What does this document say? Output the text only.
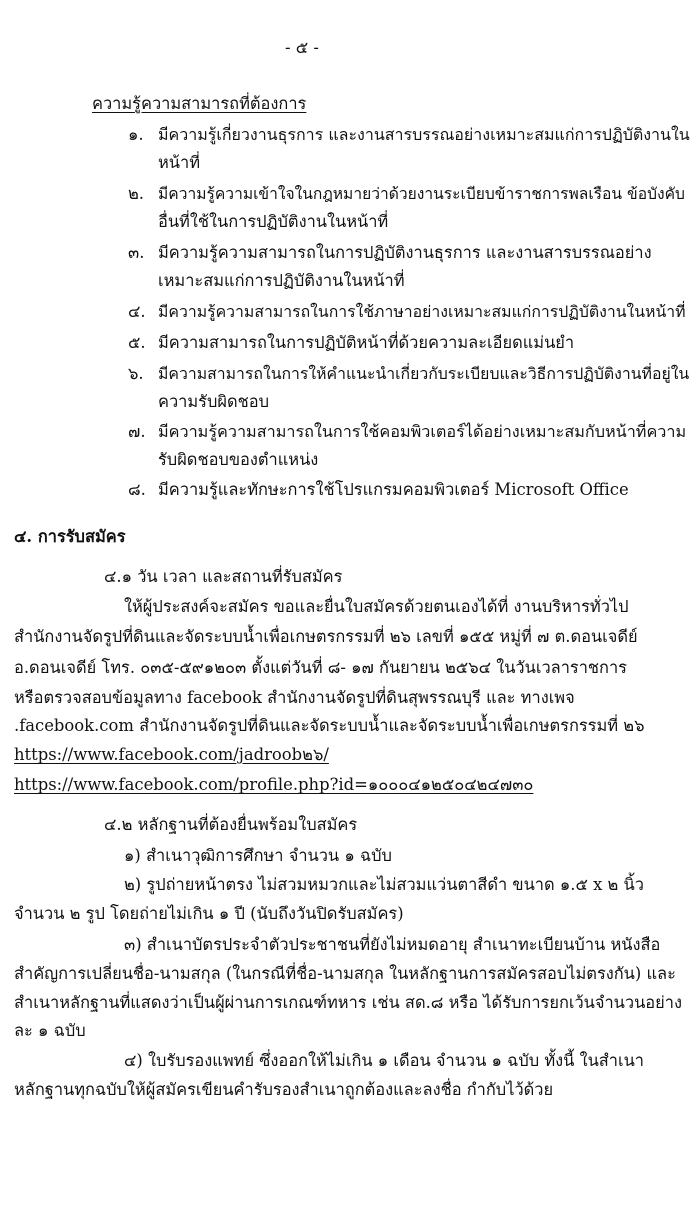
- ๕ -
ความรู้ความสามารถที่ต้องการ
๑. มีความรู้เกี่ยวงานธุรการ และงานสารบรรณอย่างเหมาะสมแก่การปฏิบัติงานใน
หน้าที่
๒. มีความรู้ความเข้าใจในกฎหมายว่าด้วยงานระเบียบข้าราชการพลเรือน ข้อบังคับ
อื่นที่ใช้ในการปฏิบัติงานในหน้าที่
๓. มีความรู้ความสามารถในการปฏิบัติงานธุรการ และงานสารบรรณอย่าง
เหมาะสมแก่การปฏิบัติงานในหน้าที่
๔. มีความรู้ความสามารถในการใช้ภาษาอย่างเหมาะสมแก่การปฏิบัติงานในหน้าที่
๕. มีความสามารถในการปฏิบัติหน้าที่ด้วยความละเอียดแม่นยำ
๖. มีความสามารถในการให้คำแนะนำเกี่ยวกับระเบียบและวิธีการปฏิบัติงานที่อยู่ใน
ความรับผิดชอบ
๗. มีความรู้ความสามารถในการใช้คอมพิวเตอร์ได้อย่างเหมาะสมกับหน้าที่ความ
รับผิดชอบของตำแหน่ง
๘. มีความรู้และทักษะการใช้โปรแกรมคอมพิวเตอร์ Microsoft Office
๔. การรับสมัคร
๔.๑ วัน เวลา และสถานที่รับสมัคร
ให้ผู้ประสงค์จะสมัคร ขอและยื่นใบสมัครด้วยตนเองได้ที่ งานบริหารทั่วไป
สำนักงานจัดรูปที่ดินและจัดระบบน้ำเพื่อเกษตรกรรมที่ ๒๖ เลขที่ ๑๕๕ หมู่ที่ ๗ ต.ดอนเจดีย์
อ.ดอนเจดีย์ โทร. ๐๓๕-๕๙๑๒๐๓ ตั้งแต่วันที่ ๘- ๑๗ กันยายน ๒๕๖๔ ในวันเวลาราชการ
หรือตรวจสอบข้อมูลทาง facebook สำนักงานจัดรูปที่ดินสุพรรณบุรี และ ทางเพจ
.facebook.com สำนักงานจัดรูปที่ดินและจัดระบบน้ำและจัดระบบน้ำเพื่อเกษตรกรรมที่ ๒๖
https://www.facebook.com/jadroob๒๖/
https://www.facebook.com/profile.php?id=๑๐๐๐๔๑๒๕๐๔๒๔๗๓๐
๔.๒ หลักฐานที่ต้องยื่นพร้อมใบสมัคร
๑) สำเนาวุฒิการศึกษา จำนวน ๑ ฉบับ
๒) รูปถ่ายหน้าตรง ไม่สวมหมวกและไม่สวมแว่นตาสีดำ ขนาด ๑.๕ x ๒ นิ้ว
จำนวน ๒ รูป โดยถ่ายไม่เกิน ๑ ปี (นับถึงวันปิดรับสมัคร)
๓) สำเนาบัตรประจำตัวประชาชนที่ยังไม่หมดอายุ สำเนาทะเบียนบ้าน หนังสือ
สำคัญการเปลี่ยนชื่อ-นามสกุล (ในกรณีที่ชื่อ-นามสกุล ในหลักฐานการสมัครสอบไม่ตรงกัน) และ
สำเนาหลักฐานที่แสดงว่าเป็นผู้ผ่านการเกณฑ์ทหาร เช่น สด.๘ หรือ ได้รับการยกเว้นจำนวนอย่าง
ละ ๑ ฉบับ
๔) ใบรับรองแพทย์ ซึ่งออกให้ไม่เกิน ๑ เดือน จำนวน ๑ ฉบับ ทั้งนี้ ในสำเนา
หลักฐานทุกฉบับให้ผู้สมัครเขียนคำรับรองสำเนาถูกต้องและลงชื่อ กำกับไว้ด้วย
